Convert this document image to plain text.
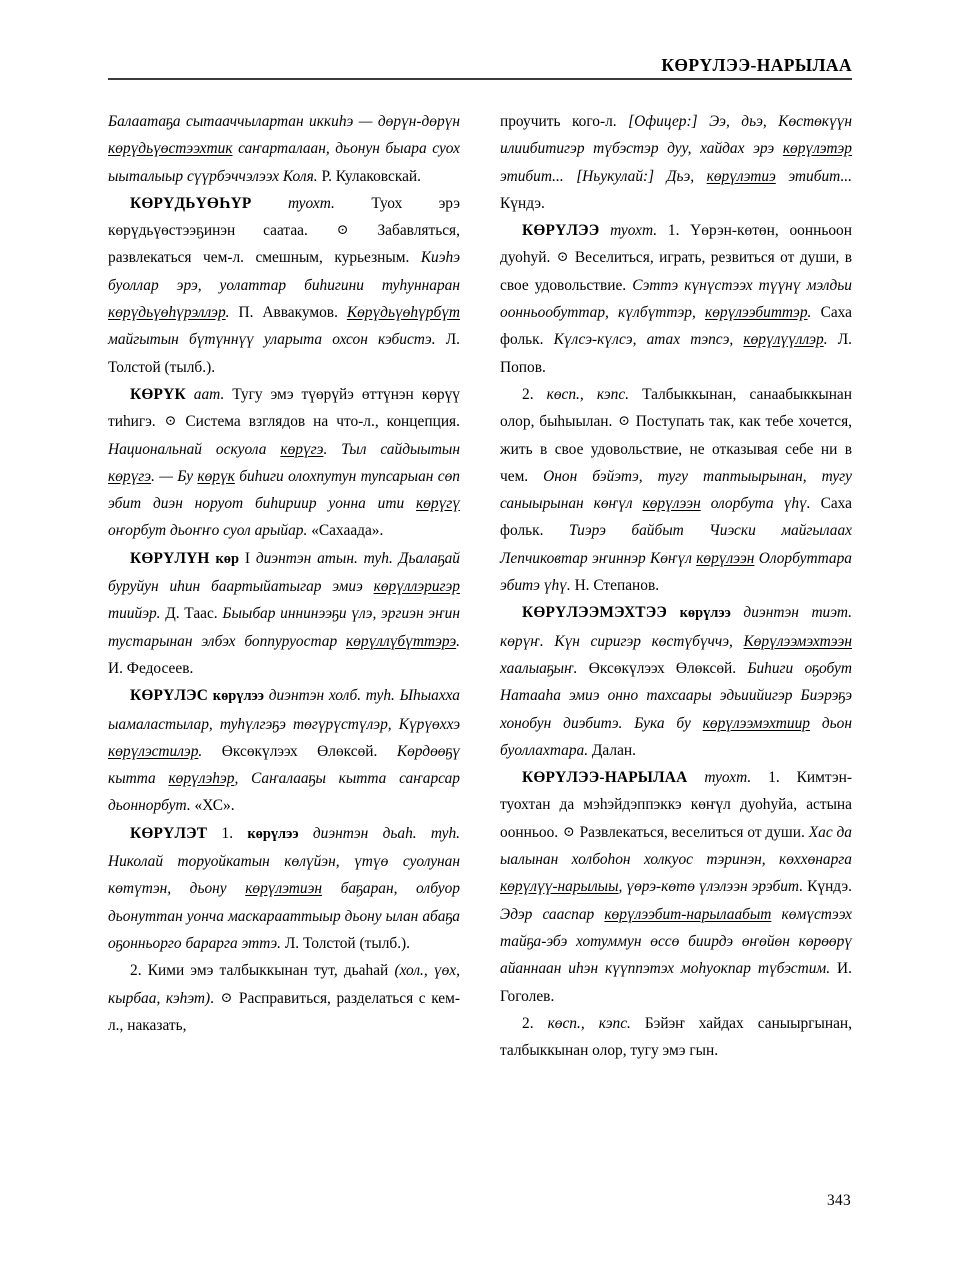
КӨРҮЛЭЭ-НАРЫЛАА

Балаатаҕа сытааччылартан иккиһэ — дөрүн-дөрүн көрүдьүөстээхтик саҥарталаан, дьонун быара суох ыыталыыр сүүрбэччэлээх Коля. Р. Кулаковскай.

КӨРҮДЬҮӨҺҮР туохт. Туох эрэ көрүдьүөстээҕинэн саатаа. ⊙ Забавляться, развлекаться чем-л. смешным, курьезным. Киэһэ буоллар эрэ, уолаттар биһигини туһуннаран көрүдьүөһүрэллэр. П. Аввакумов. Көрүдьүөһүрбүт майгытын бүтүннүү уларыта охсон кэбистэ. Л. Толстой (тылб.).

КӨРҮК аат. Тугу эмэ түөрүйэ өттүнэн көрүү тиһигэ. ⊙ Система взглядов на что-л., концепция. Национальнай оскуола көрүгэ. Тыл сайдыытын көрүгэ. — Бу көрүк биһиги олохпутун тупсарыан сөп эбит диэн норуот биһириир уонна ити көрүгү оҥорбут дьоҥҥо суол арыйар. «Сахаада».

КӨРҮЛҮН көр I диэнтэн атын. туһ. Дьалаҕай буруйун иһин баартыйатыгар эмиэ көрүллэригэр тиийэр. Д. Таас. Быыбар иннинээҕи үлэ, эргиэн эҥин тустарынан элбэх боппуруостар көрүллүбүттэрэ. И. Федосеев.

КӨРҮЛЭС көрүлээ диэнтэн холб. туһ. Ыһыахха ыамаластылар, туһүлгэҕэ төгүрүстүлэр, Күрүөххэ көрүлэстилэр. Өксөкүлээх Өлөксөй. Көрдөөҕү кытта көрүлэһэр, Саҥалааҕы кытта саҥарсар дьоннорбут. «ХС».

КӨРҮЛЭТ 1. көрүлээ диэнтэн дьаһ. туһ. Николай торуойкатын көлүйэн, үтүө суолунан көтүтэн, дьону көрүлэтиэн баҕаран, олбуор дьонуттан уонча маскарааттыыр дьону ылан абаҕа оҕонньорго барарга эттэ. Л. Толстой (тылб.).

2. Кими эмэ талбыккынан тут, дьаһай (хол., үөх, кырбаа, кэһэт). ⊙ Расправиться, разделаться с кем-л., наказать,

проучить кого-л. [Офицер:] Ээ, дьэ, Көстөкүүн илиибитигэр түбэстэр дуу, хайдах эрэ көрүлэтэр этибит... [Ньукулай:] Дьэ, көрүлэтиэ этибит... Күндэ.

КӨРҮЛЭЭ туохт. 1. Үөрэн-көтөн, оонньоон дуоһуй. ⊙ Веселиться, играть, резвиться от души, в свое удовольствие. Сэттэ күнүстээх түүнү мэлдьи оонньообуттар, күлбүттэр, көрүлээбиттэр. Саха фольк. Күлсэ-күлсэ, атах тэпсэ, көрүлүүллэр. Л. Попов.

2. көсп., кэпс. Талбыккынан, санаабыккынан олор, быһыылан. ⊙ Поступать так, как тебе хочется, жить в свое удовольствие, не отказывая себе ни в чем. Онон бэйэтэ, тугу таптыырынан, тугу саныырынан көҥүл көрүлээн олорбута үһү. Саха фольк. Тиэрэ байбыт Чиэски майгылаах Лепчиковтар эҥиннэр Көҥүл көрүлээн Олорбуттара эбитэ үһү. Н. Степанов.

КӨРҮЛЭЭМЭХТЭЭ көрүлээ диэнтэн тиэт. көрүҥ. Күн сиригэр көстүбүччэ, Көрүлээмэхтээн хаалыаҕыҥ. Өксөкүлээх Өлөксөй. Биһиги оҕобут Натааһа эмиэ онно тахсаары эдьиийигэр Биэрэҕэ хонобун диэбитэ. Бука бу көрүлээмэхтиир дьон буоллахтара. Далан.

КӨРҮЛЭЭ-НАРЫЛАА туохт. 1. Кимтэн-туохтан да мэһэйдэппэккэ көҥүл дуоһуйа, астына оонньоо. ⊙ Развлекаться, веселиться от души. Хас да ыалынан холбоһон холкуос тэринэн, көххөнарга көрүлүү-нарылыы, үөрэ-көтө үлэлээн эрэбит. Күндэ. Эдэр сааспар көрүлээбит-нарылаабыт көмүстээх тайҕа-эбэ хотуммун өссө биирдэ өҥөйөн көрөөрү айаннаан иһэн күүппэтэх моһуокпар түбэстим. И. Гоголев.

2. көсп., кэпс. Бэйэҥ хайдах саныыргынан, талбыккынан олор, тугу эмэ гын.

343
